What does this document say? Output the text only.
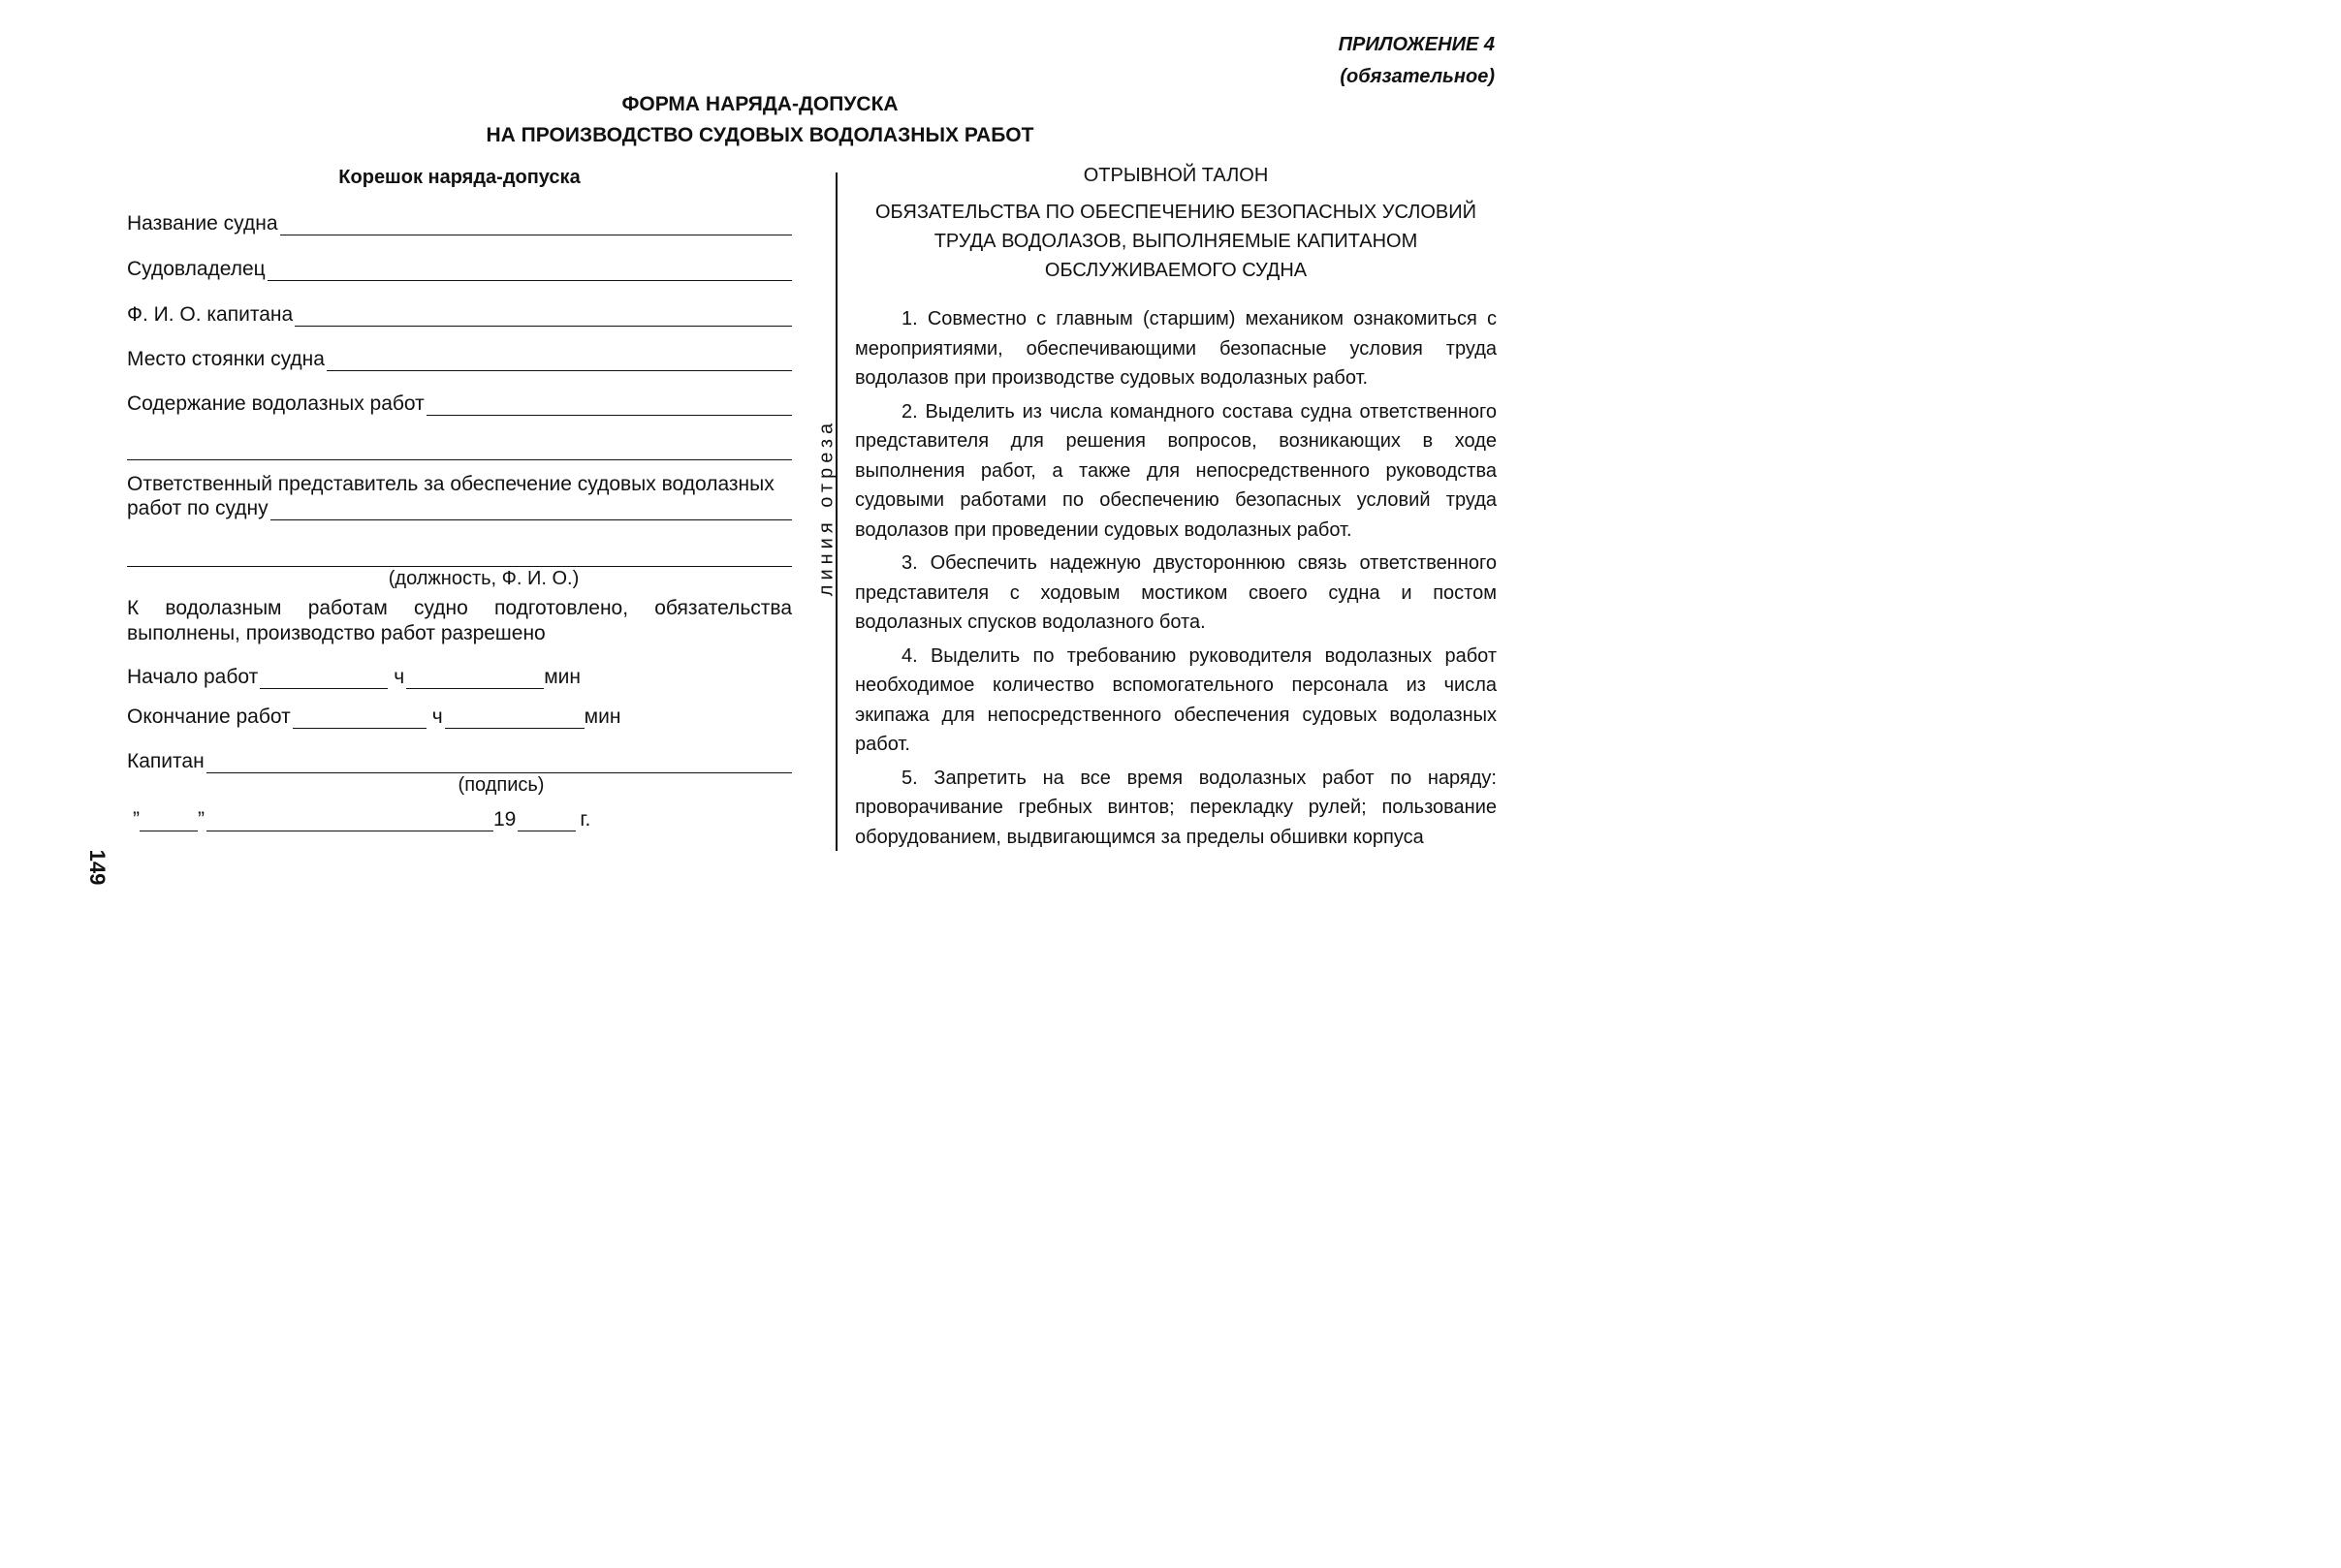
ПРИЛОЖЕНИЕ 4
(обязательное)
ФОРМА НАРЯДА-ДОПУСКА
НА ПРОИЗВОДСТВО СУДОВЫХ ВОДОЛАЗНЫХ РАБОТ
Корешок наряда-допуска
Название судна
Судовладелец
Ф. И. О. капитана
Место стоянки судна
Содержание водолазных работ
Ответственный представитель за обеспечение судовых водолазных
работ по судну
(должность, Ф. И. О.)
К водолазным работам судно подготовлено, обязательства выполнены, производство работ разрешено
Начало работ	ч	мин
Окончание работ	ч	мин
Капитан
(подпись)
”	”	19	г.
линия отреза
ОТРЫВНОЙ ТАЛОН
ОБЯЗАТЕЛЬСТВА ПО ОБЕСПЕЧЕНИЮ БЕЗОПАСНЫХ УСЛОВИЙ ТРУДА ВОДОЛАЗОВ, ВЫПОЛНЯЕМЫЕ КАПИТАНОМ ОБСЛУЖИВАЕМОГО СУДНА
1. Совместно с главным (старшим) механиком ознакомиться с мероприятиями, обеспечивающими безопасные условия труда водолазов при производстве судовых водолазных работ.
2. Выделить из числа командного состава судна ответственного представителя для решения вопросов, возникающих в ходе выполнения работ, а также для непосредственного руководства судовыми работами по обеспечению безопасных условий труда водолазов при проведении судовых водолазных работ.
3. Обеспечить надежную двустороннюю связь ответственного представителя с ходовым мостиком своего судна и постом водолазных спусков водолазного бота.
4. Выделить по требованию руководителя водолазных работ необходимое количество вспомогательного персонала из числа экипажа для непосредственного обеспечения судовых водолазных работ.
5. Запретить на все время водолазных работ по наряду: проворачивание гребных винтов; перекладку рулей; пользование оборудованием, выдвигающимся за пределы обшивки корпуса
149
